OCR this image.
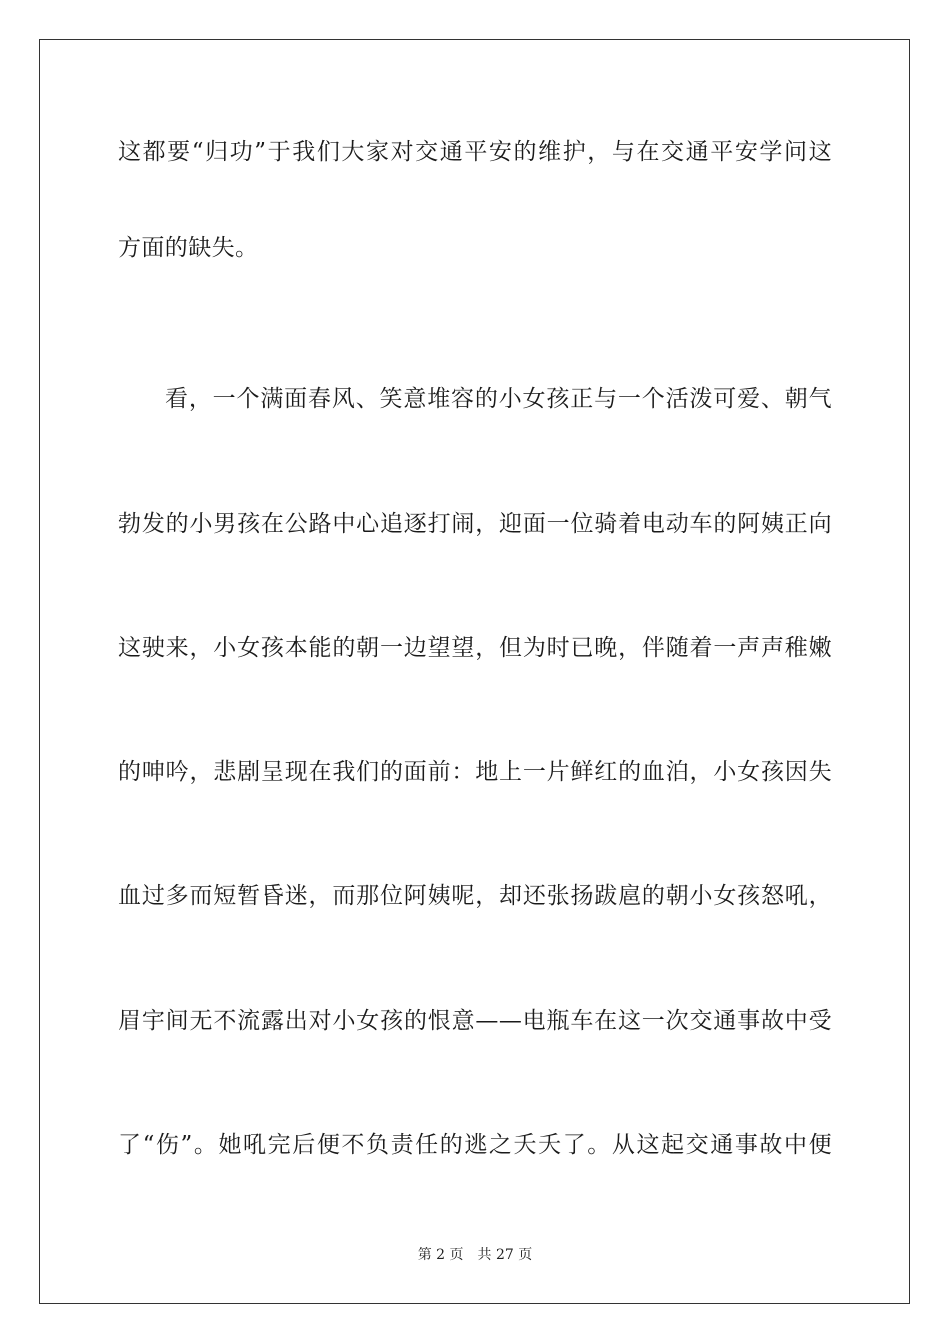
这都要“归功”于我们大家对交通平安的维护，与在交通平安学问这
方面的缺失。
看，一个满面春风、笑意堆容的小女孩正与一个活泼可爱、朝气
勃发的小男孩在公路中心追逐打闹，迎面一位骑着电动车的阿姨正向
这驶来，小女孩本能的朝一边望望，但为时已晚，伴随着一声声稚嫩
的呻吟，悲剧呈现在我们的面前：地上一片鲜红的血泊，小女孩因失
血过多而短暂昏迷，而那位阿姨呢，却还张扬跋扈的朝小女孩怒吼，
眉宇间无不流露出对小女孩的恨意——电瓶车在这一次交通事故中受
了“伤”。她吼完后便不负责任的逃之夭夭了。从这起交通事故中便
第 2 页 共 27 页
